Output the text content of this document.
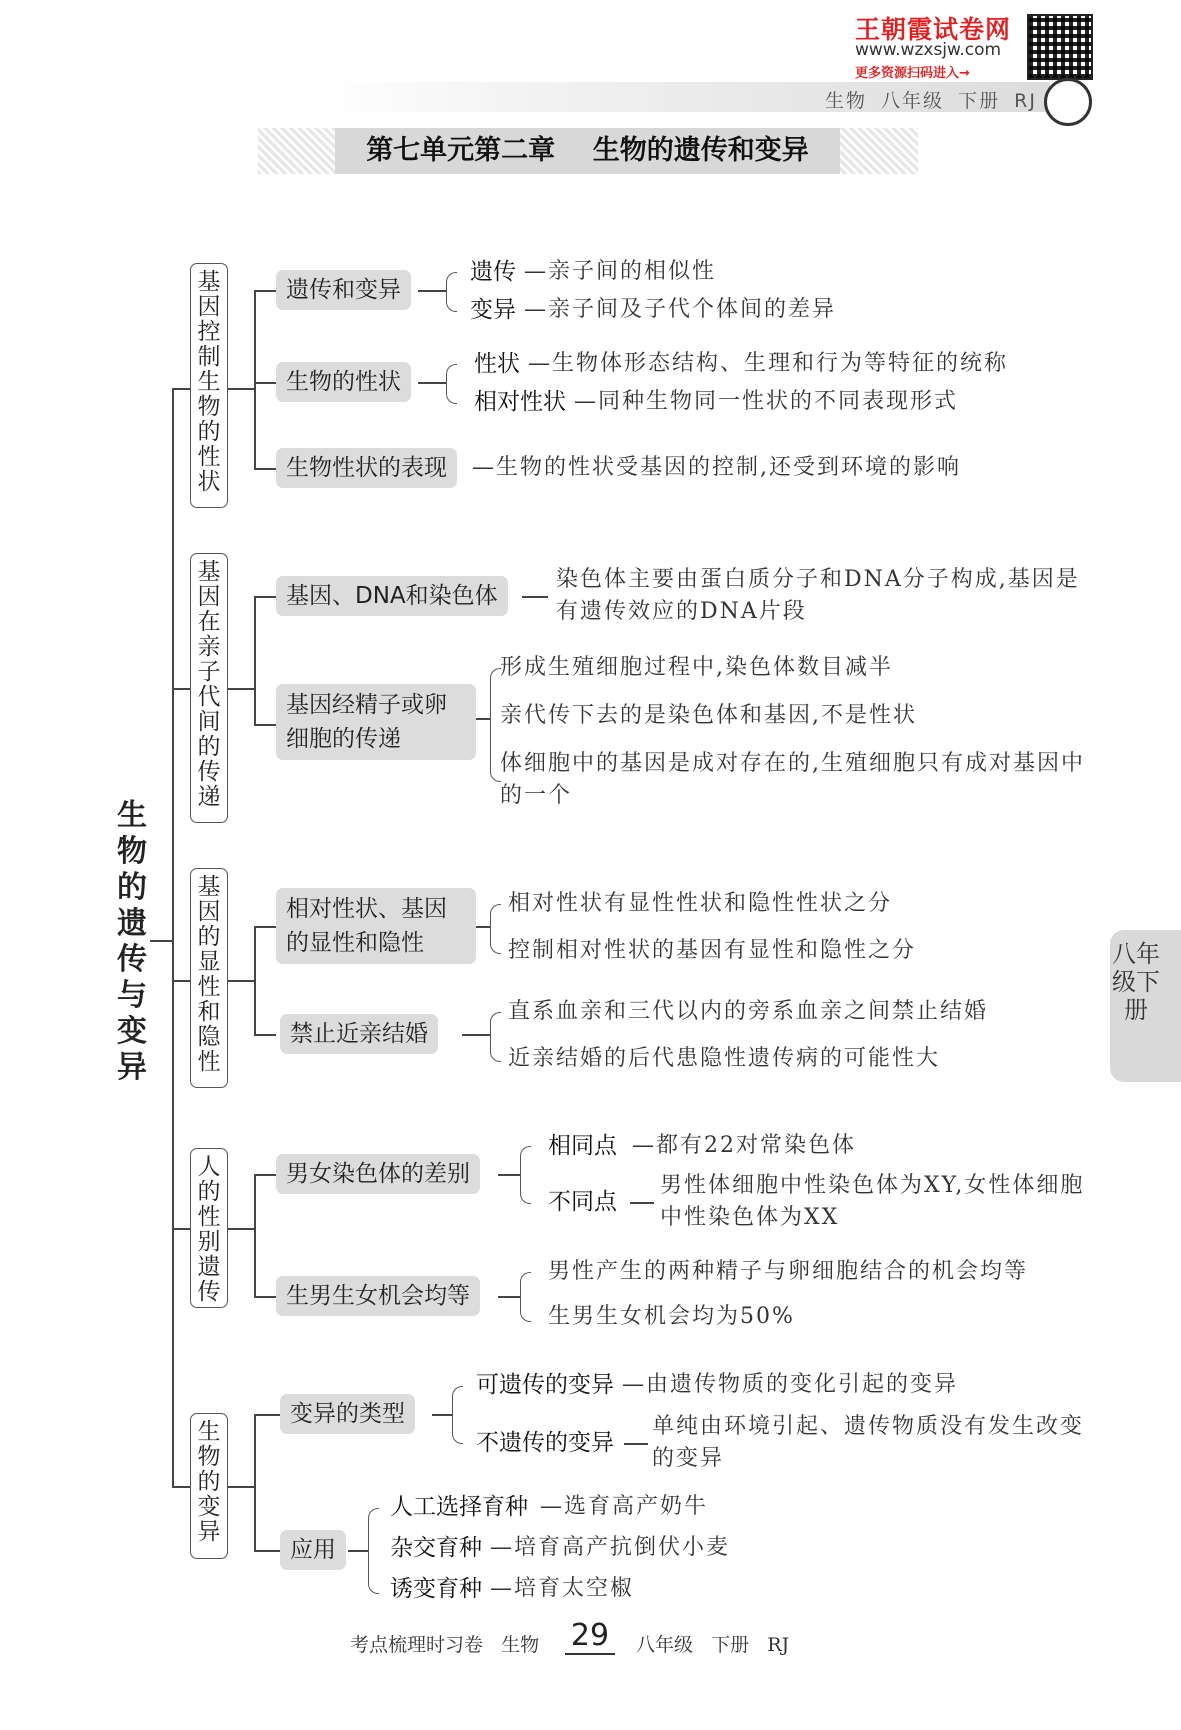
王朝霞试卷网
www.wzxsjw.com
更多资源扫码进入→
生物 八年级 下册 RJ
第七单元第二章    生物的遗传和变异
八年级下册
生物的遗传与变异
基因控制生物的性状
遗传和变异
遗传 —亲子间的相似性
变异 —亲子间及子代个体间的差异
生物的性状
性状 —生物体形态结构、生理和行为等特征的统称
相对性状 —同种生物同一性状的不同表现形式
生物性状的表现	—生物的性状受基因的控制,还受到环境的影响
基因在亲子代间的传递
基因、DNA和染色体
染色体主要由蛋白质分子和DNA分子构成,基因是有遗传效应的DNA片段
基因经精子或卵细胞的传递
形成生殖细胞过程中,染色体数目减半
亲代传下去的是染色体和基因,不是性状
体细胞中的基因是成对存在的,生殖细胞只有成对基因中的一个
基因的显性和隐性
相对性状、基因的显性和隐性
相对性状有显性性状和隐性性状之分
控制相对性状的基因有显性和隐性之分
禁止近亲结婚
直系血亲和三代以内的旁系血亲之间禁止结婚
近亲结婚的后代患隐性遗传病的可能性大
人的性别遗传
男女染色体的差别
相同点 —都有22对常染色体
不同点
男性体细胞中性染色体为XY,女性体细胞中性染色体为XX
生男生女机会均等
男性产生的两种精子与卵细胞结合的机会均等
生男生女机会均为50%
生物的变异
变异的类型
可遗传的变异 —由遗传物质的变化引起的变异
不遗传的变异
单纯由环境引起、遗传物质没有发生改变的变异
应用
人工选择育种 —选育高产奶牛
杂交育种 —培育高产抗倒伏小麦
诱变育种 —培育太空椒
考点梳理时习卷   生物 29	八年级   下册   RJ
